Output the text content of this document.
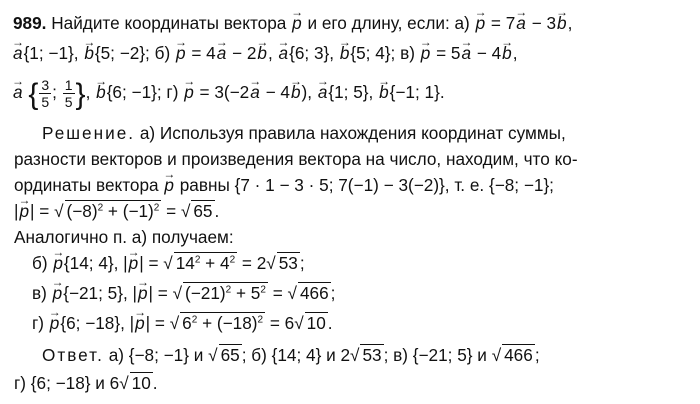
989. Найдите координаты вектора → p и его длину, если: а) → p = 7→ a − 3→ b,
→ a{1; −1}, → b{5; −2}; б) → p = 4→ a − 2→ b, → a{6; 3}, → b{5; 4}; в) → p = 5→ a − 4→ b,
→ a { $\frac{3}{5}$ ; $\frac{1}{5}$ }, → b{6; −1}; г) → p = 3(−2→ a − 4→ b), → a{1; 5}, → b{−1; 1}.
Решение. а) Используя правила нахождения координат суммы,
разности векторов и произведения вектора на число, находим, что ко-
ординаты вектора → p равны {7 · 1 − 3 · 5; 7(−1) − 3(−2)}, т. е. {−8; −1};
|→ p| = √ $(-8)^2 + (-1)^2$ = √ 65 .
Аналогично п. а) получаем:
б) → p{14; 4}, |→ p| = √ $14^2 + 4^2 = 2√$ 53 ;
в) → p{−21; 5}, |→ p| = √ $(-21)^2 + 5^2$ = √ 466 ;
г) → p{6; −18}, |→ p| = √ $6^2 + (-18)^2 = 6√$ 10 .
Ответ. а) {−8; −1} и √ 65 ; б) {14; 4} и 2√ 53 ; в) {−21; 5} и √ 466 ;
г) {6; −18} и 6√ 10 .
